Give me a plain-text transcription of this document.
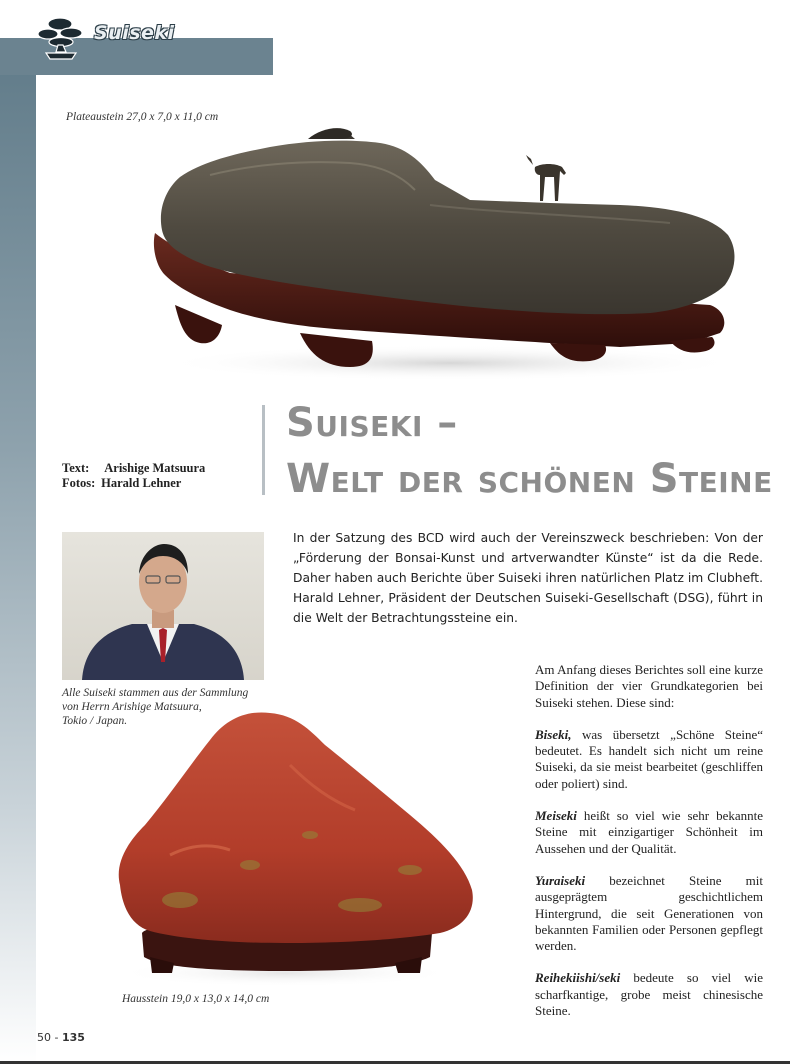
Suiseki
Plateaustein 27,0 x 7,0 x 11,0 cm
Text:
	Arishige Matsuura
Fotos:
Harald Lehner
Suiseki –
Welt der schönen Steine
In der Satzung des BCD wird auch der Vereinszweck beschrieben: Von der „Förderung der Bonsai-Kunst und artverwandter Künste“ ist da die Rede. Daher haben auch Berichte über Suiseki ihren natürlichen Platz im Clubheft. Harald Lehner, Präsident der Deutschen Suiseki-Gesellschaft (DSG), führt in die Welt der Betrachtungssteine ein.
Alle Suiseki stammen aus der Sammlung
von Herrn Arishige Matsuura,
Tokio / Japan.
Hausstein 19,0 x 13,0 x 14,0 cm

Am Anfang dieses Berichtes soll eine kurze Definition der vier Grundkategorien bei Suiseki stehen. Diese sind:

Biseki, was übersetzt „Schöne Steine“ bedeutet. Es handelt sich nicht um reine Suiseki, da sie meist bearbeitet (geschliffen oder poliert) sind.

Meiseki heißt so viel wie sehr bekannte Steine mit einzigartiger Schönheit im Aussehen und der Qualität.

Yuraiseki bezeichnet Steine mit ausgeprägtem geschichtlichem Hintergrund, die seit Generationen von bekannten Familien oder Personen gepflegt werden.

Reihekiishi/seki bedeute so viel wie scharfkantige, grobe meist chinesische Steine.

50 - 135
